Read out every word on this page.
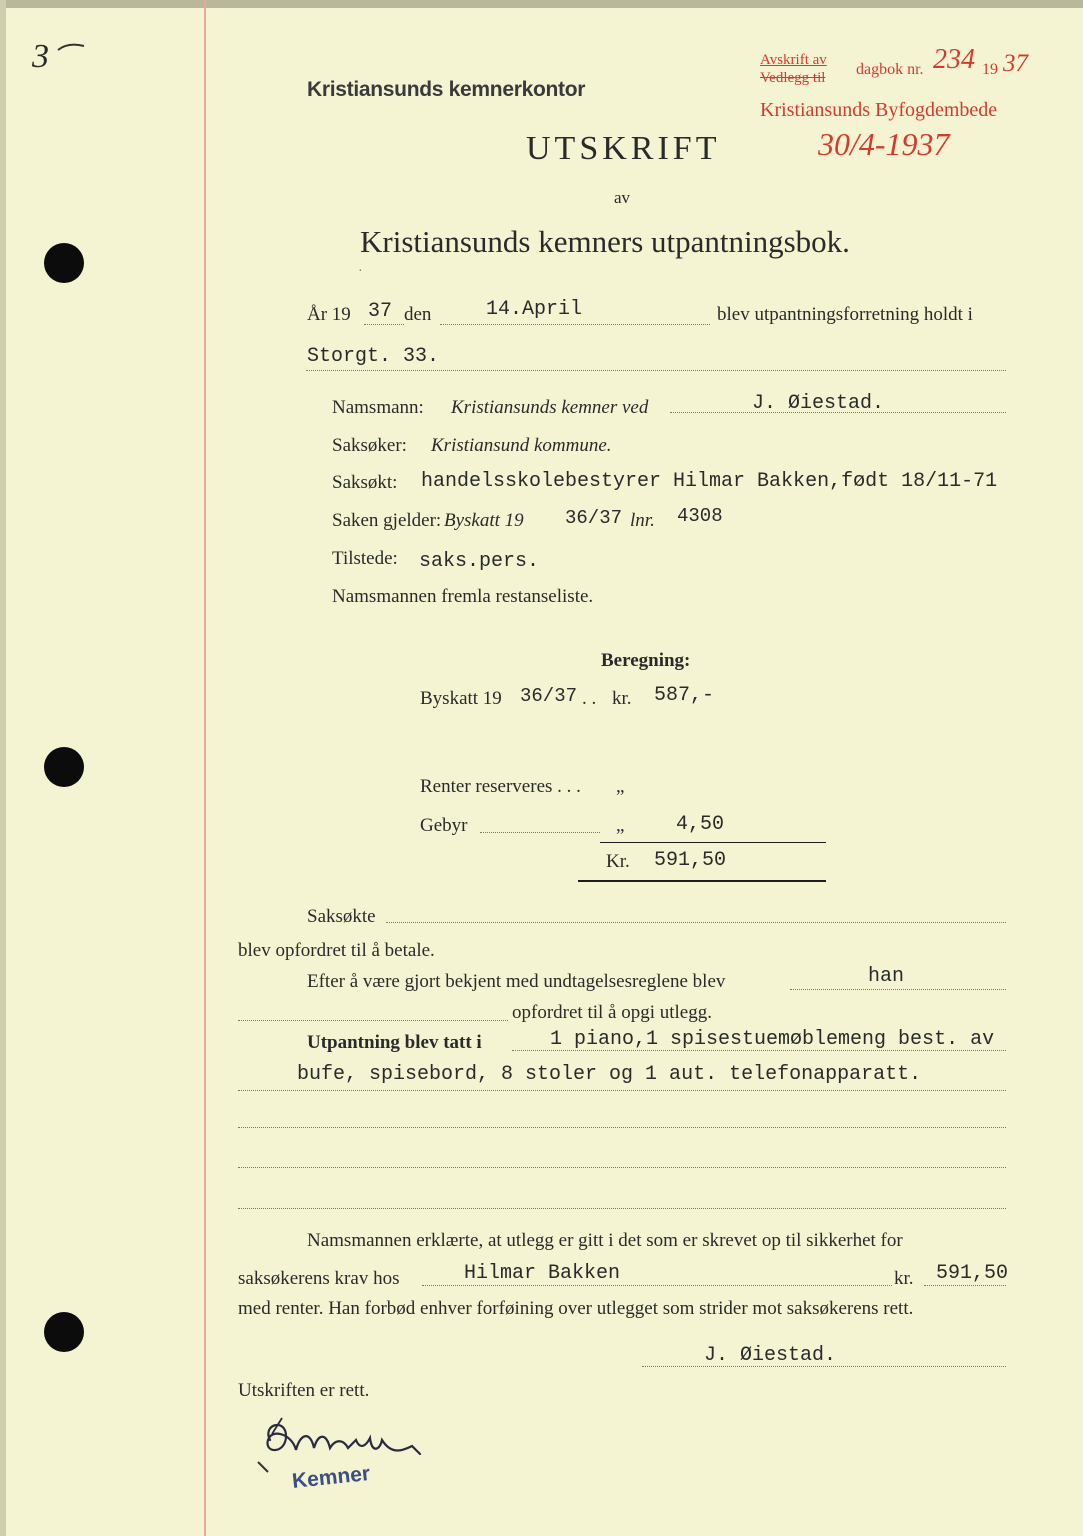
3
Kristiansunds kemnerkontor
Avskrift av
Vedlegg til dagbok nr. 234 19 37
Kristiansunds Byfogdembede
30/4-1937
UTSKRIFT
av
Kristiansunds kemners utpantningsbok.
·
År 19 37 den	14.April	blev utpantningsforretning holdt i
Storgt. 33.
Namsmann: Kristiansunds kemner ved	J. Øiestad.
Saksøker: Kristiansund kommune.
Saksøkt: handelsskolebestyrer Hilmar Bakken,født 18/11-71
Saken gjelder: Byskatt 19 36/37 lnr. 4308
Tilstede: saks.pers.
Namsmannen fremla restanseliste.
Beregning:
Byskatt 19 36/37 . . kr. 587,-
Renter reserveres . . . „
Gebyr	„	4,50
Kr. 591,50
Saksøkte
blev opfordret til å betale.
Efter å være gjort bekjent med undtagelsesreglene blev	han
opfordret til å opgi utlegg.
Utpantning blev tatt i	1 piano,1 spisestuemøblemeng best. av
bufe, spisebord, 8 stoler og 1 aut. telefonapparatt.
Namsmannen erklærte, at utlegg er gitt i det som er skrevet op til sikkerhet for
saksøkerens krav hos	Hilmar Bakken	kr. 591,50
med renter. Han forbød enhver forføining over utlegget som strider mot saksøkerens rett.
J. Øiestad.
Utskriften er rett.
Kemner
